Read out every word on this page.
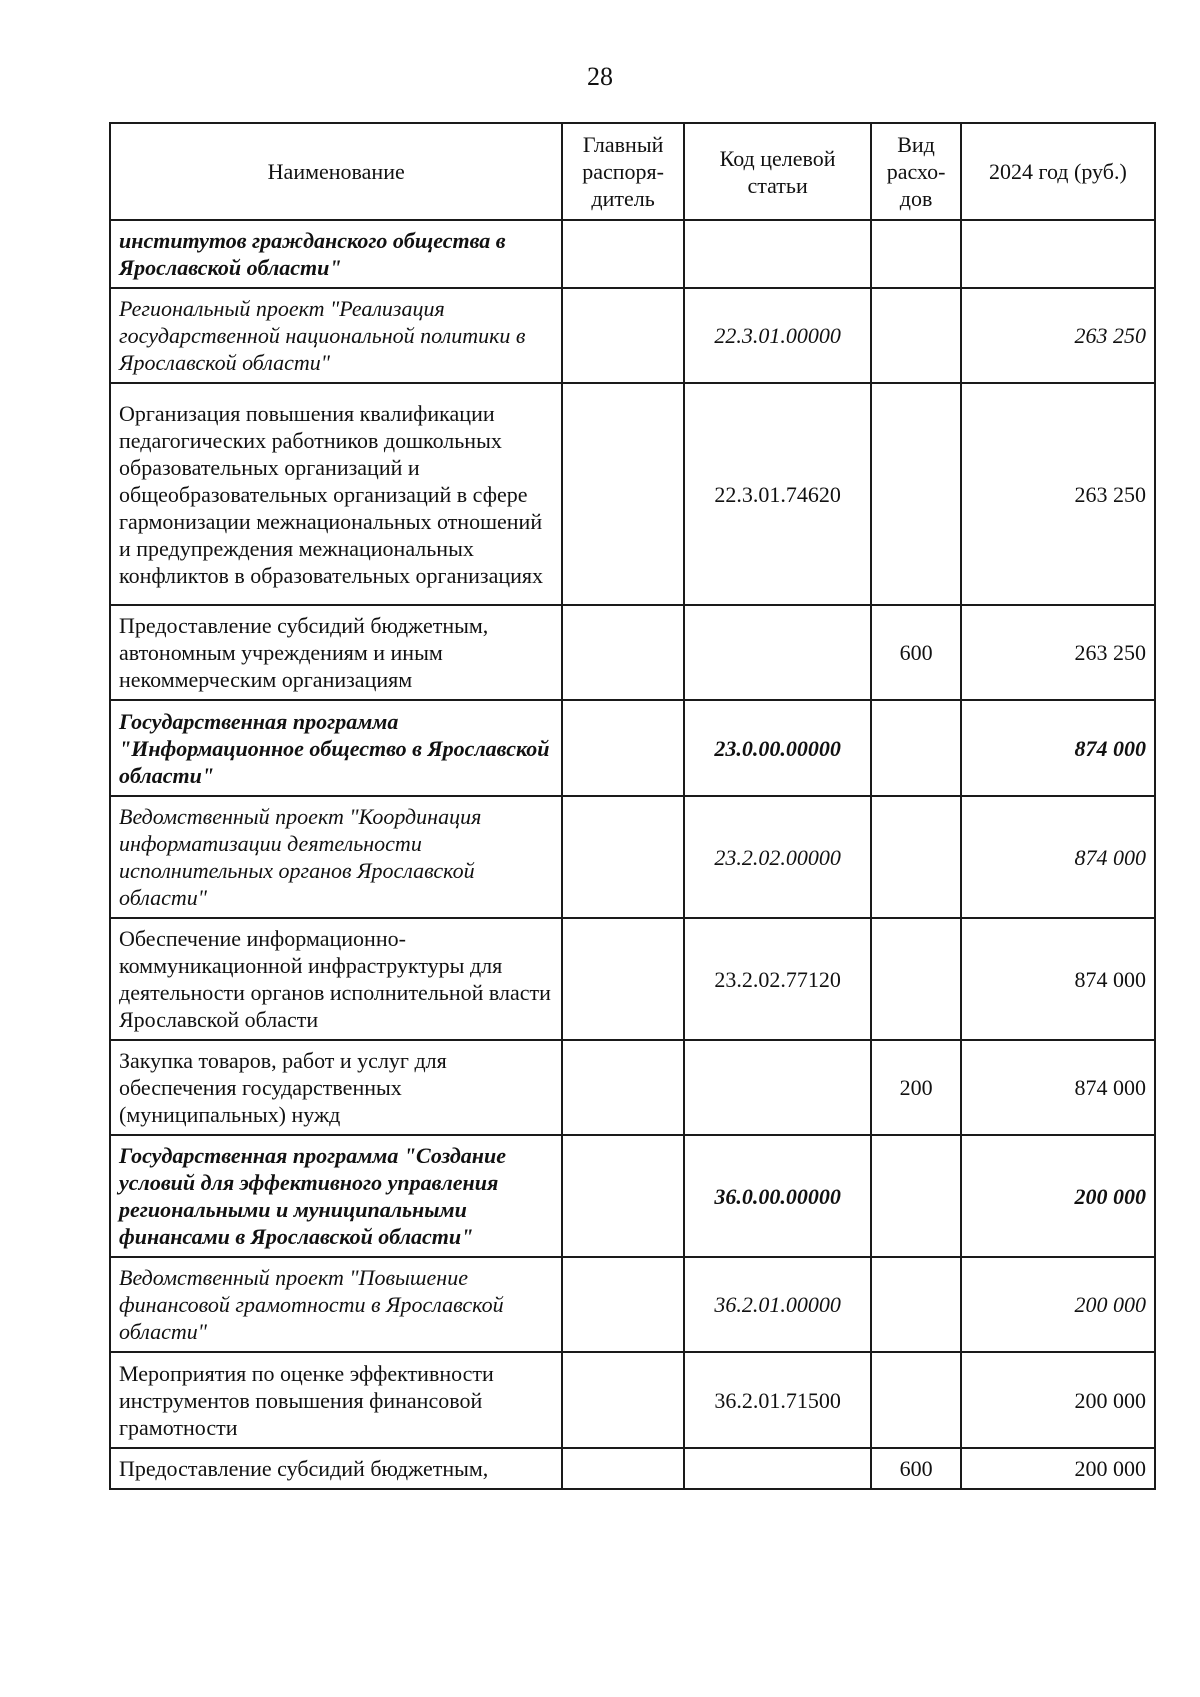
28
Наименование	Главный распоря-дитель	Код целевой статьи	Вид расхо-дов	2024 год (руб.)
институтов гражданского общества в Ярославской области"				
Региональный проект "Реализация государственной национальной политики в Ярославской области"		22.3.01.00000		263 250
Организация повышения квалификации педагогических работников дошкольных образовательных организаций и общеобразовательных организаций в сфере гармонизации межнациональных отношений и предупреждения межнациональных конфликтов в образовательных организациях		22.3.01.74620		263 250
Предоставление субсидий бюджетным, автономным учреждениям и иным некоммерческим организациям			600	263 250
Государственная программа "Информационное общество в Ярославской области"		23.0.00.00000		874 000
Ведомственный проект "Координация информатизации деятельности исполнительных органов Ярославской области"		23.2.02.00000		874 000
Обеспечение информационно-коммуникационной инфраструктуры для деятельности органов исполнительной власти Ярославской области		23.2.02.77120		874 000
Закупка товаров, работ и услуг для обеспечения государственных (муниципальных) нужд			200	874 000
Государственная программа "Создание условий для эффективного управления региональными и муниципальными финансами в Ярославской области"		36.0.00.00000		200 000
Ведомственный проект "Повышение финансовой грамотности в Ярославской области"		36.2.01.00000		200 000
Мероприятия по оценке эффективности инструментов повышения финансовой грамотности		36.2.01.71500		200 000
Предоставление субсидий бюджетным,			600	200 000
